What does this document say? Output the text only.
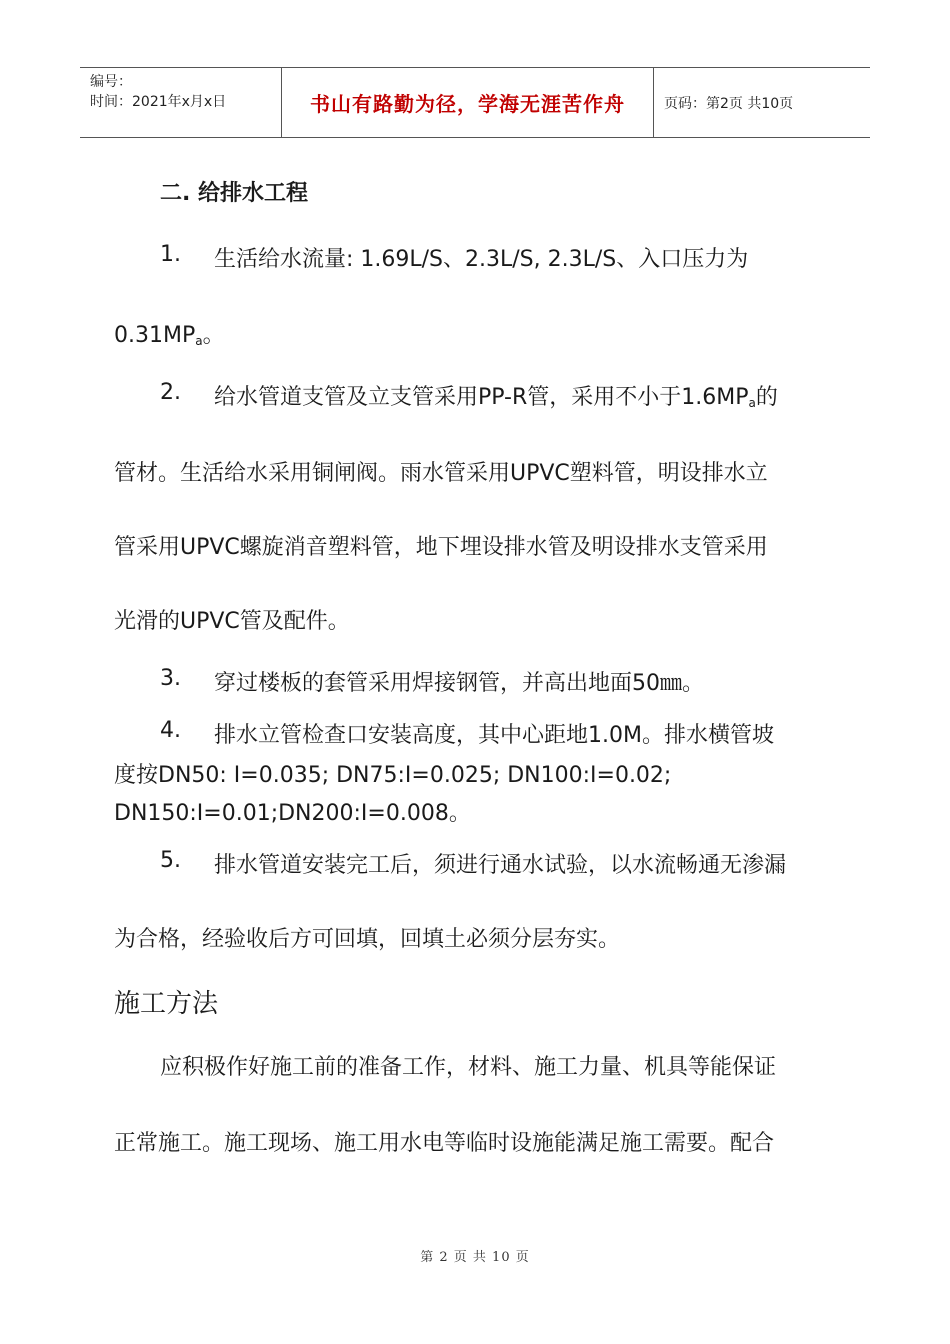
编号：
时间：2021年x月x日	书山有路勤为径，学海无涯苦作舟	页码：第2页 共10页
二. 给排水工程
1. 生活给水流量: 1.69L/S、2.3L/S, 2.3L/S、入口压力为
$0.31MP_a$。
2. 给水管道支管及立支管采用PP-R管，采用不小于$1.6MP_a$的
管材。生活给水采用铜闸阀。雨水管采用UPVC塑料管，明设排水立
管采用UPVC螺旋消音塑料管，地下埋设排水管及明设排水支管采用
光滑的UPVC管及配件。
3. 穿过楼板的套管采用焊接钢管，并高出地面50㎜。
4. 排水立管检查口安装高度，其中心距地1.0M。排水横管坡
度按DN50: I=0.035; DN75:I=0.025; DN100:I=0.02;
DN150:I=0.01;DN200:I=0.008。
5. 排水管道安装完工后，须进行通水试验，以水流畅通无渗漏
为合格，经验收后方可回填，回填土必须分层夯实。
施工方法
应积极作好施工前的准备工作，材料、施工力量、机具等能保证
正常施工。施工现场、施工用水电等临时设施能满足施工需要。配合
第 2 页 共 10 页
